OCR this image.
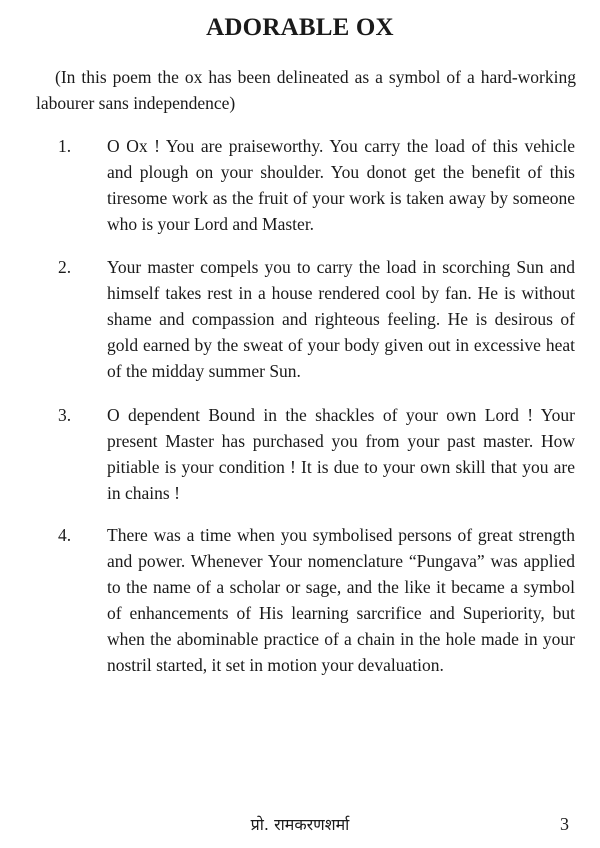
ADORABLE OX

(In this poem the ox has been delineated as a symbol of a hard-working labourer sans independence)

1. O Ox ! You are praiseworthy. You carry the load of this vehicle and plough on your shoulder. You donot get the benefit of this tiresome work as the fruit of your work is taken away by someone who is your Lord and Master.

2. Your master compels you to carry the load in scorching Sun and himself takes rest in a house rendered cool by fan. He is without shame and compassion and righteous feeling. He is desirous of gold earned by the sweat of your body given out in excessive heat of the midday summer Sun.

3. O dependent Bound in the shackles of your own Lord ! Your present Master has purchased you from your past master. How pitiable is your condition ! It is due to your own skill that you are in chains !

4. There was a time when you symbolised persons of great strength and power. Whenever Your nomenclature “Pungava” was applied to the name of a scholar or sage, and the like it became a symbol of enhancements of His learning sarcrifice and Superiority, but when the abominable practice of a chain in the hole made in your nostril started, it set in motion your devaluation.

प्रो. रामकरणशर्मा	3
